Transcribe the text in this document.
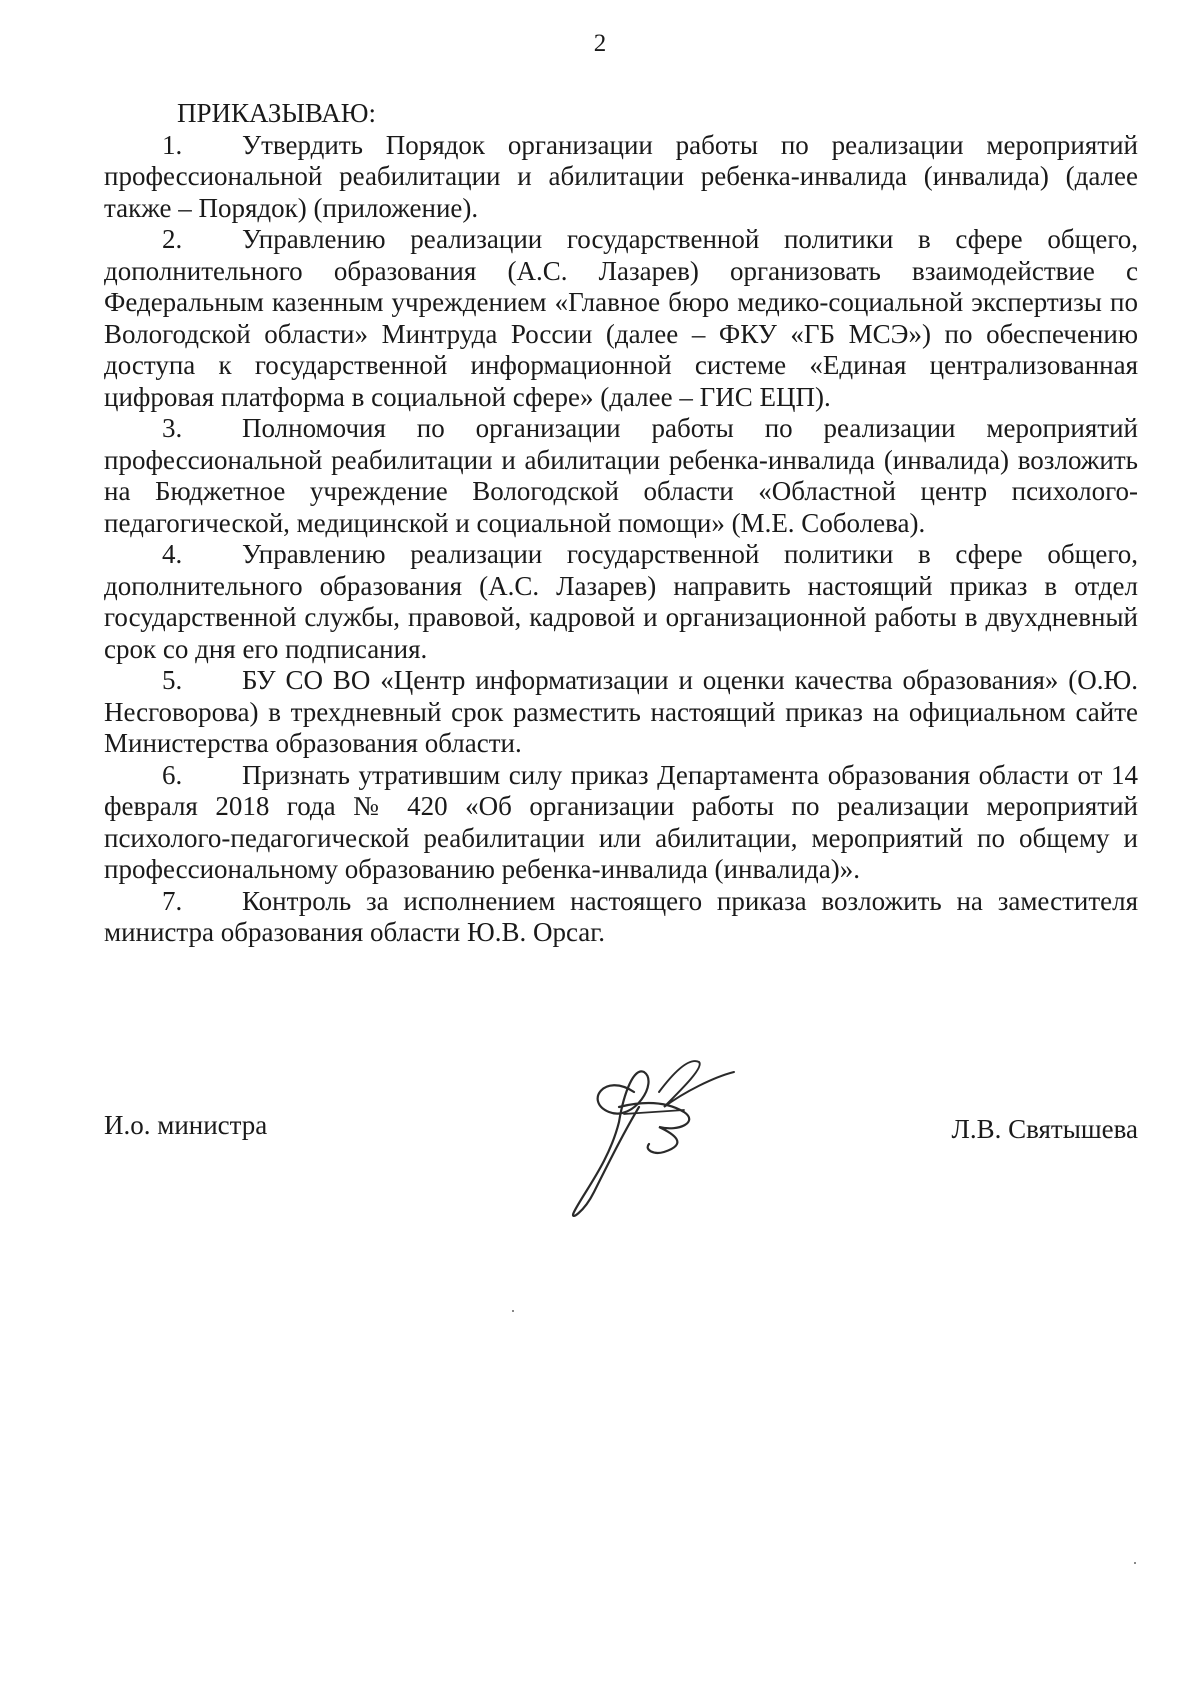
2

ПРИКАЗЫВАЮ:

1. Утвердить Порядок организации работы по реализации мероприятий профессиональной реабилитации и абилитации ребенка-инвалида (инвалида) (далее также – Порядок) (приложение).

2. Управлению реализации государственной политики в сфере общего, дополнительного образования (А.С. Лазарев) организовать взаимодействие с Федеральным казенным учреждением «Главное бюро медико-социальной экспертизы по Вологодской области» Минтруда России (далее – ФКУ «ГБ МСЭ») по обеспечению доступа к государственной информационной системе «Единая централизованная цифровая платформа в социальной сфере» (далее – ГИС ЕЦП).

3. Полномочия по организации работы по реализации мероприятий профессиональной реабилитации и абилитации ребенка-инвалида (инвалида) возложить на Бюджетное учреждение Вологодской области «Областной центр психолого-педагогической, медицинской и социальной помощи» (М.Е. Соболева).

4. Управлению реализации государственной политики в сфере общего, дополнительного образования (А.С. Лазарев) направить настоящий приказ в отдел государственной службы, правовой, кадровой и организационной работы в двухдневный срок со дня его подписания.

5. БУ СО ВО «Центр информатизации и оценки качества образования» (О.Ю. Несговорова) в трехдневный срок разместить настоящий приказ на официальном сайте Министерства образования области.

6. Признать утратившим силу приказ Департамента образования области от 14 февраля 2018 года № 420 «Об организации работы по реализации мероприятий психолого-педагогической реабилитации или абилитации, мероприятий по общему и профессиональному образованию ребенка-инвалида (инвалида)».

7. Контроль за исполнением настоящего приказа возложить на заместителя министра образования области Ю.В. Орсаг.

И.о. министра	Л.В. Святышева
